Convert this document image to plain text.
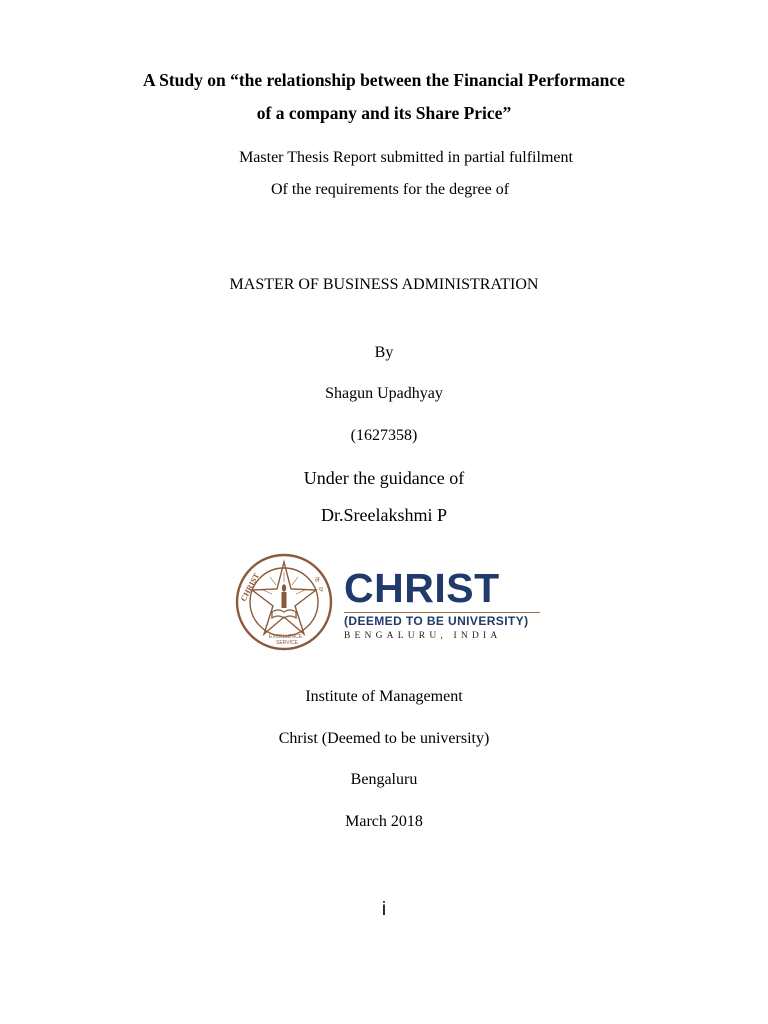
A Study on “the relationship between the Financial Performance
of a company and its Share Price”
Master Thesis Report submitted in partial fulfilment
Of the requirements for the degree of
MASTER OF BUSINESS ADMINISTRATION
By
Shagun Upadhyay
(1627358)
Under the guidance of
Dr.Sreelakshmi P
CHRIST	ल
प
EXCELLENCE
SERVICE
CHRIST
(DEEMED TO BE UNIVERSITY)
BENGALURU, INDIA
Institute of Management
Christ (Deemed to be university)
Bengaluru
March 2018
i
